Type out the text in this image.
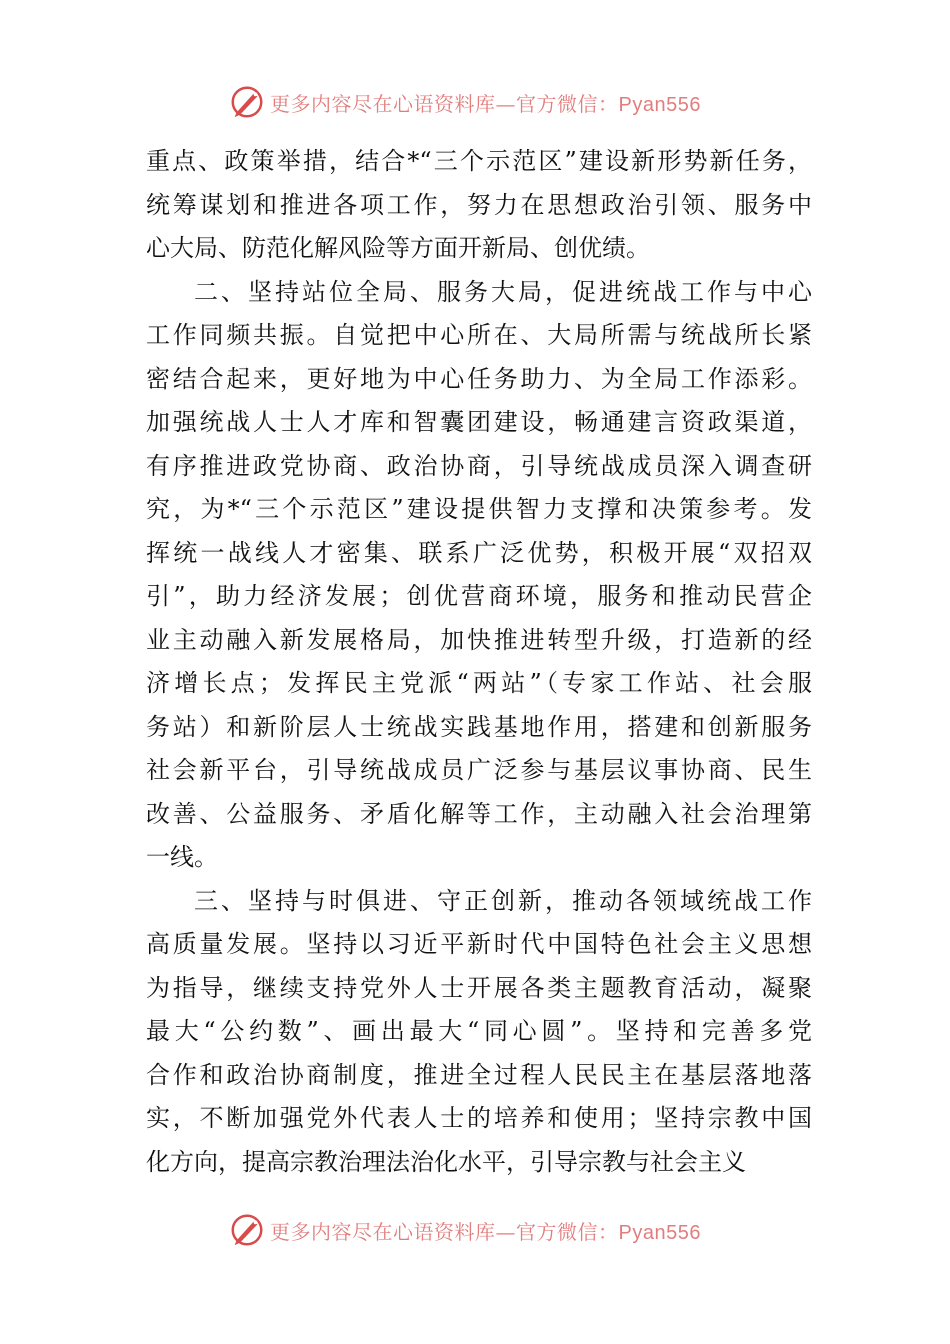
更多内容尽在心语资料库—官方微信：Pyan556
重点、政策举措，结合*“三个示范区”建设新形势新任务，
统筹谋划和推进各项工作，努力在思想政治引领、服务中
心大局、防范化解风险等方面开新局、创优绩。
二、坚持站位全局、服务大局，促进统战工作与中心
工作同频共振。自觉把中心所在、大局所需与统战所长紧
密结合起来，更好地为中心任务助力、为全局工作添彩。
加强统战人士人才库和智囊团建设，畅通建言资政渠道，
有序推进政党协商、政治协商，引导统战成员深入调查研
究，为*“三个示范区”建设提供智力支撑和决策参考。发
挥统一战线人才密集、联系广泛优势，积极开展“双招双
引”，助力经济发展；创优营商环境，服务和推动民营企
业主动融入新发展格局，加快推进转型升级，打造新的经
济增长点；发挥民主党派“两站”（专家工作站、社会服
务站）和新阶层人士统战实践基地作用，搭建和创新服务
社会新平台，引导统战成员广泛参与基层议事协商、民生
改善、公益服务、矛盾化解等工作，主动融入社会治理第
一线。
三、坚持与时俱进、守正创新，推动各领域统战工作
高质量发展。坚持以习近平新时代中国特色社会主义思想
为指导，继续支持党外人士开展各类主题教育活动，凝聚
最大“公约数”、画出最大“同心圆”。坚持和完善多党
合作和政治协商制度，推进全过程人民民主在基层落地落
实，不断加强党外代表人士的培养和使用；坚持宗教中国
化方向，提高宗教治理法治化水平，引导宗教与社会主义
更多内容尽在心语资料库—官方微信：Pyan556
